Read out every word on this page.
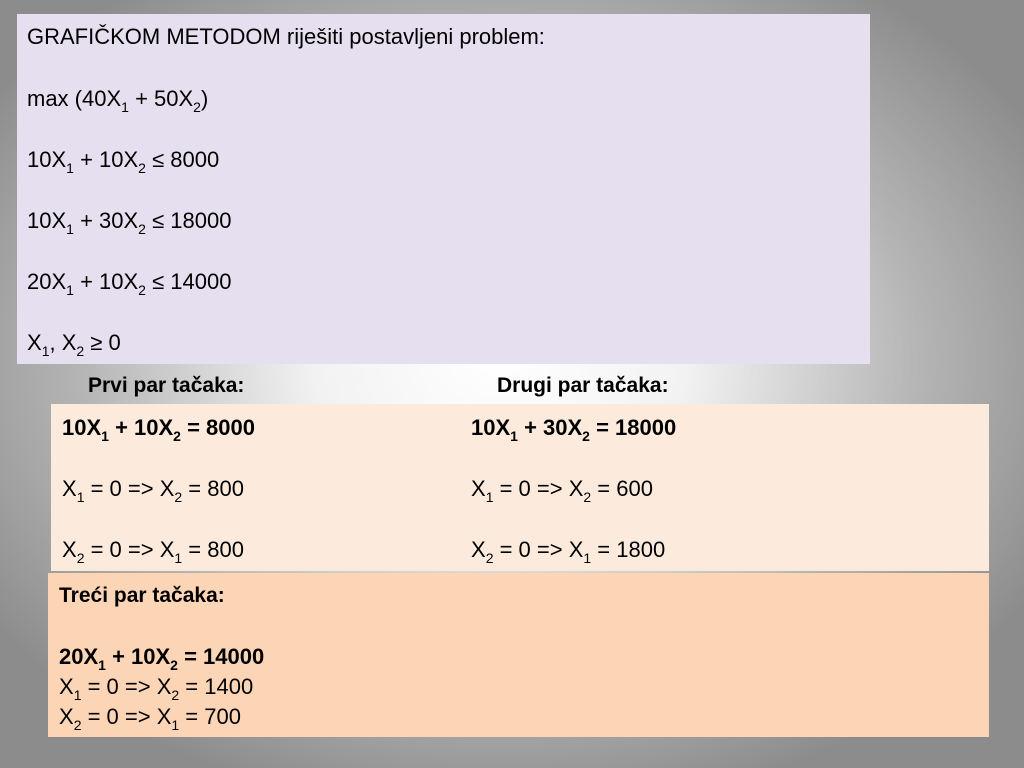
GRAFIČKOM METODOM riješiti postavljeni problem:
$\max (40X_1 + 50X_2)$
$10X_1 + 10X_2 \le 8000$
$10X_1 + 30X_2 \le 18000$
$20X_1 + 10X_2 \le 14000$
$X_1$, $X_2 \ge 0$
Prvi par tačaka:	Drugi par tačaka:
$10X_1 + 10X_2 = 8000$
$X_1 = 0 => X_2 = 800$
$X_2 = 0 => X_1 = 800$
$10X_1 + 30X_2 = 18000$
$X_1 = 0 => X_2 = 600$
$X_2 = 0 => X_1 = 1800$
Treći par tačaka:
$20X_1 + 10X_2 = 14000$
$X_1 = 0 => X_2 = 1400$
$X_2 = 0 => X_1 = 700$
